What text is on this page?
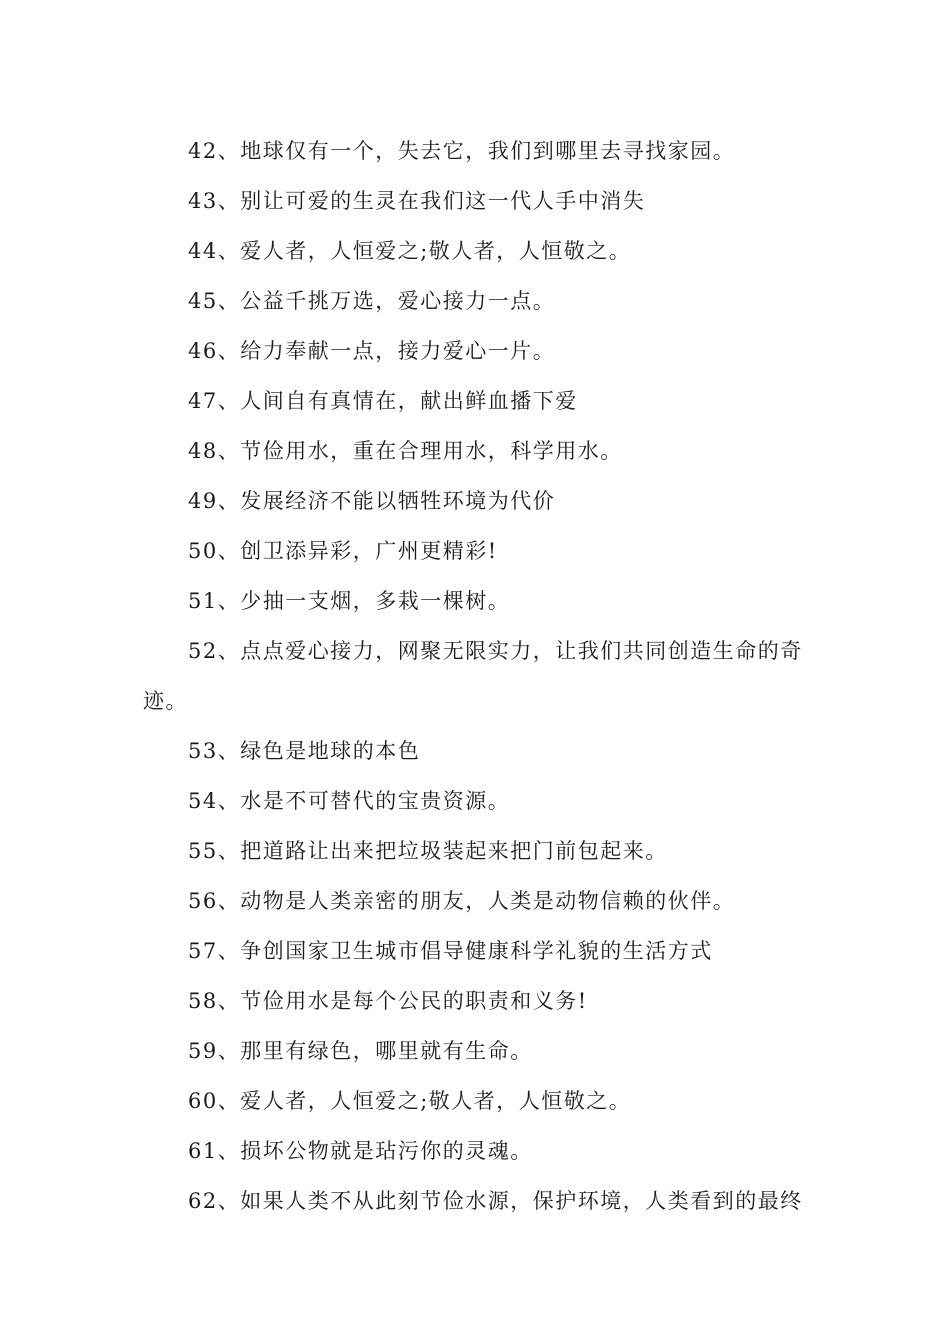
42、地球仅有一个，失去它，我们到哪里去寻找家园。
43、别让可爱的生灵在我们这一代人手中消失
44、爱人者，人恒爱之;敬人者，人恒敬之。
45、公益千挑万选，爱心接力一点。
46、给力奉献一点，接力爱心一片。
47、人间自有真情在，献出鲜血播下爱
48、节俭用水，重在合理用水，科学用水。
49、发展经济不能以牺牲环境为代价
50、创卫添异彩，广州更精彩!
51、少抽一支烟，多栽一棵树。
52、点点爱心接力，网聚无限实力，让我们共同创造生命的奇
迹。
53、绿色是地球的本色
54、水是不可替代的宝贵资源。
55、把道路让出来把垃圾装起来把门前包起来。
56、动物是人类亲密的朋友，人类是动物信赖的伙伴。
57、争创国家卫生城市倡导健康科学礼貌的生活方式
58、节俭用水是每个公民的职责和义务!
59、那里有绿色，哪里就有生命。
60、爱人者，人恒爱之;敬人者，人恒敬之。
61、损坏公物就是玷污你的灵魂。
62、如果人类不从此刻节俭水源，保护环境，人类看到的最终
